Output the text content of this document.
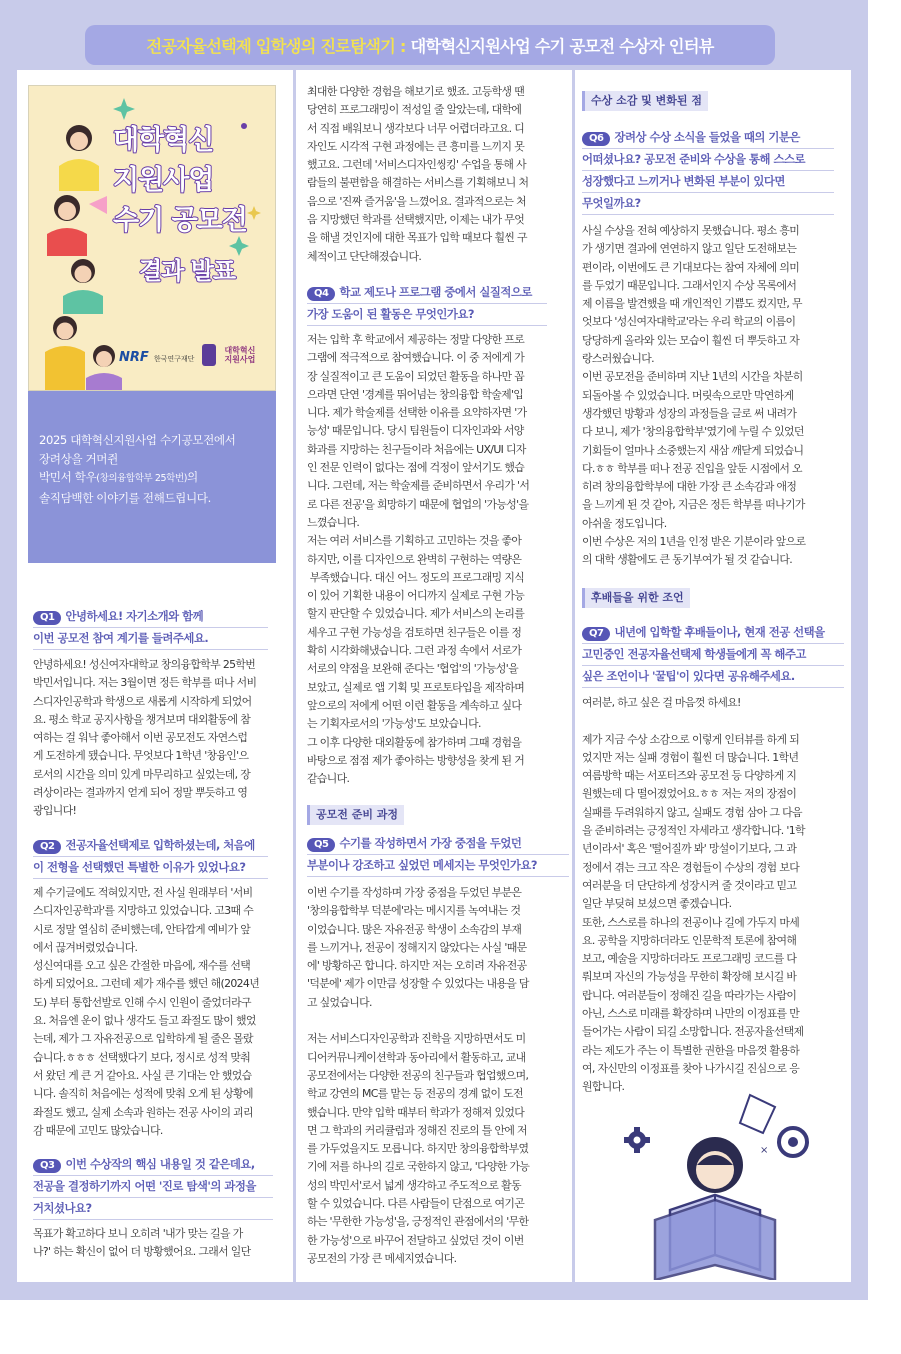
전공자율선택제 입학생의 진로탐색기 : 대학혁신지원사업 수기 공모전 수상자 인터뷰
대학혁신
지원사업
수기 공모전
결과 발표
NRF 한국연구재단
대학혁신
지원사업

2025 대학혁신지원사업 수기공모전에서

장려상을 거머쥔

박민서 학우(창의융합학부 25학번)의

솔직담백한 이야기를 전해드립니다.

Q1 안녕하세요! 자기소개와 함께
이번 공모전 참여 계기를 들려주세요.
안녕하세요! 성신여자대학교 창의융합학부 25학번
박민서입니다. 저는 3월이면 정든 학부를 떠나 서비
스디자인공학과 학생으로 새롭게 시작하게 되었어
요. 평소 학교 공지사항을 챙겨보며 대외활동에 참
여하는 걸 워낙 좋아해서 이번 공모전도 자연스럽
게 도전하게 됐습니다. 무엇보다 1학년 '창융인'으
로서의 시간을 의미 있게 마무리하고 싶었는데, 장
려상이라는 결과까지 얻게 되어 정말 뿌듯하고 영
광입니다!
Q2 전공자율선택제로 입학하셨는데, 처음에
이 전형을 선택했던 특별한 이유가 있었나요?
제 수기글에도 적혀있지만, 전 사실 원래부터 '서비
스디자인공학과'를 지망하고 있었습니다. 고3때 수
시로 정말 열심히 준비했는데, 안타깝게 예비가 앞
에서 끊겨버렸었습니다.
성신여대를 오고 싶은 간절한 마음에, 재수를 선택
하게 되었어요. 그런데 제가 재수를 했던 해(2024년
도) 부터 통합선발로 인해 수시 인원이 줄었더라구
요. 처음엔 운이 없나 생각도 들고 좌절도 많이 했었
는데, 제가 그 자유전공으로 입학하게 될 줄은 몰랐
습니다.ㅎㅎㅎ 선택했다기 보다, 정시로 성적 맞춰
서 왔던 게 큰 거 같아요. 사실 큰 기대는 안 했었습
니다. 솔직히 처음에는 성적에 맞춰 오게 된 상황에
좌절도 했고, 실제 소속과 원하는 전공 사이의 괴리
감 때문에 고민도 많았습니다.
Q3 이번 수상작의 핵심 내용일 것 같은데요,
전공을 결정하기까지 어떤 '진로 탐색'의 과정을
거치셨나요?
목표가 확고하다 보니 오히려 '내가 맞는 길을 가
나?' 하는 확신이 없어 더 방황했어요. 그래서 일단
최대한 다양한 경험을 해보기로 했죠. 고등학생 땐
당연히 프로그래밍이 적성일 줄 알았는데, 대학에
서 직접 배워보니 생각보다 너무 어렵더라고요. 디
자인도 시각적 구현 과정에는 큰 흥미를 느끼지 못
했고요. 그런데 '서비스디자인씽킹' 수업을 통해 사
람들의 불편함을 해결하는 서비스를 기획해보니 처
음으로 '진짜 즐거움'을 느꼈어요. 결과적으로는 처
음 지망했던 학과를 선택했지만, 이제는 내가 무엇
을 해낼 것인지에 대한 목표가 입학 때보다 훨씬 구
체적이고 단단해졌습니다.
Q4 학교 제도나 프로그램 중에서 실질적으로
가장 도움이 된 활동은 무엇인가요?
저는 입학 후 학교에서 제공하는 정말 다양한 프로
그램에 적극적으로 참여했습니다. 이 중 저에게 가
장 실질적이고 큰 도움이 되었던 활동을 하나만 꼽
으라면 단연 '경계를 뛰어넘는 창의융합 학술제'입
니다. 제가 학술제를 선택한 이유를 요약하자면 '가
능성' 때문입니다. 당시 팀원들이 디자인과와 서양
화과를 지망하는 친구들이라 처음에는 UX/UI 디자
인 전문 인력이 없다는 점에 걱정이 앞서기도 했습
니다. 그런데, 저는 학술제를 준비하면서 우리가 '서
로 다른 전공'을 희망하기 때문에 협업의 '가능성'을
느꼈습니다.
저는 여러 서비스를 기획하고 고민하는 것을 좋아
하지만, 이를 디자인으로 완벽히 구현하는 역량은
부족했습니다. 대신 어느 정도의 프로그래밍 지식
이 있어 기획한 내용이 어디까지 실제로 구현 가능
할지 판단할 수 있었습니다. 제가 서비스의 논리를
세우고 구현 가능성을 검토하면 친구들은 이를 정
확히 시각화해냈습니다. 그런 과정 속에서 서로가
서로의 약점을 보완해 준다는 '협업'의 '가능성'을
보았고, 실제로 앱 기획 및 프로토타입을 제작하며
앞으로의 저에게 어떤 이런 활동을 계속하고 싶다
는 기획자로서의 '가능성'도 보았습니다.
그 이후 다양한 대외활동에 참가하며 그때 경험을
바탕으로 점점 제가 좋아하는 방향성을 찾게 된 거
같습니다.
공모전 준비 과정
Q5 수기를 작성하면서 가장 중점을 두었던
부분이나 강조하고 싶었던 메세지는 무엇인가요?
이번 수기를 작성하며 가장 중점을 두었던 부분은
'창의융합학부 덕분에'라는 메시지를 녹여내는 것
이었습니다. 많은 자유전공 학생이 소속감의 부재
를 느끼거나, 전공이 정해지지 않았다는 사실 '때문
에' 방황하곤 합니다. 하지만 저는 오히려 자유전공
'덕분에' 제가 이만큼 성장할 수 있었다는 내용을 담
고 싶었습니다.

저는 서비스디자인공학과 진학을 지망하면서도 미
디어커뮤니케이션학과 동아리에서 활동하고, 교내
공모전에서는 다양한 전공의 친구들과 협업했으며,
학교 강연의 MC를 맡는 등 전공의 경계 없이 도전
했습니다. 만약 입학 때부터 학과가 정해져 있었다
면 그 학과의 커리큘럼과 정해진 진로의 틀 안에 저
를 가두었을지도 모릅니다. 하지만 창의융합학부였
기에 저를 하나의 길로 국한하지 않고, '다양한 가능
성의 박민서'로서 넓게 생각하고 주도적으로 활동
할 수 있었습니다. 다른 사람들이 단점으로 여기곤
하는 '무한한 가능성'을, 긍정적인 관점에서의 '무한
한 가능성'으로 바꾸어 전달하고 싶었던 것이 이번
공모전의 가장 큰 메세지였습니다.
수상 소감 및 변화된 점
Q6 장려상 수상 소식을 들었을 때의 기분은
어떠셨나요? 공모전 준비와 수상을 통해 스스로
성장했다고 느끼거나 변화된 부분이 있다면
무엇일까요?
사실 수상을 전혀 예상하지 못했습니다. 평소 흥미
가 생기면 결과에 연연하지 않고 일단 도전해보는
편이라, 이번에도 큰 기대보다는 참여 자체에 의미
를 두었기 때문입니다. 그래서인지 수상 목록에서
제 이름을 발견했을 때 개인적인 기쁨도 컸지만, 무
엇보다 '성신여자대학교'라는 우리 학교의 이름이
당당하게 올라와 있는 모습이 훨씬 더 뿌듯하고 자
랑스러웠습니다.
이번 공모전을 준비하며 지난 1년의 시간을 차분히
되돌아볼 수 있었습니다. 머릿속으로만 막연하게
생각했던 방황과 성장의 과정들을 글로 써 내려가
다 보니, 제가 '창의융합학부'였기에 누릴 수 있었던
기회들이 얼마나 소중했는지 새삼 깨닫게 되었습니
다.ㅎㅎ 학부를 떠나 전공 진입을 앞둔 시점에서 오
히려 창의융합학부에 대한 가장 큰 소속감과 애정
을 느끼게 된 것 같아, 지금은 정든 학부를 떠나기가
아쉬울 정도입니다.
이번 수상은 저의 1년을 인정 받은 기분이라 앞으로
의 대학 생활에도 큰 동기부여가 될 것 같습니다.
후배들을 위한 조언
Q7 내년에 입학할 후배들이나, 현재 전공 선택을
고민중인 전공자율선택제 학생들에게 꼭 해주고
싶은 조언이나 '꿀팁'이 있다면 공유해주세요.
여러분, 하고 싶은 걸 마음껏 하세요!

제가 지금 수상 소감으로 이렇게 인터뷰를 하게 되
었지만 저는 실패 경험이 훨씬 더 많습니다. 1학년
여름방학 때는 서포터즈와 공모전 등 다양하게 지
원했는데 다 떨어졌었어요.ㅎㅎ 저는 저의 장점이
실패를 두려워하지 않고, 실패도 경험 삼아 그 다음
을 준비하려는 긍정적인 자세라고 생각합니다. '1학
년이라서' 혹은 '떨어질까 봐' 망설이기보다, 그 과
정에서 겪는 크고 작은 경험들이 수상의 경험 보다
여러분을 더 단단하게 성장시켜 줄 것이라고 믿고
일단 부딪혀 보셨으면 좋겠습니다.
또한, 스스로를 하나의 전공이나 길에 가두지 마세
요. 공학을 지망하더라도 인문학적 토론에 참여해
보고, 예술을 지망하더라도 프로그래밍 코드를 다
뤄보며 자신의 가능성을 무한히 확장해 보시길 바
랍니다. 여러분들이 정해진 길을 따라가는 사람이
아닌, 스스로 미래를 확장하며 나만의 이정표를 만
들어가는 사람이 되길 소망합니다. 전공자율선택제
라는 제도가 주는 이 특별한 권한을 마음껏 활용하
여, 자신만의 이정표를 찾아 나가시길 진심으로 응
원합니다.
×
